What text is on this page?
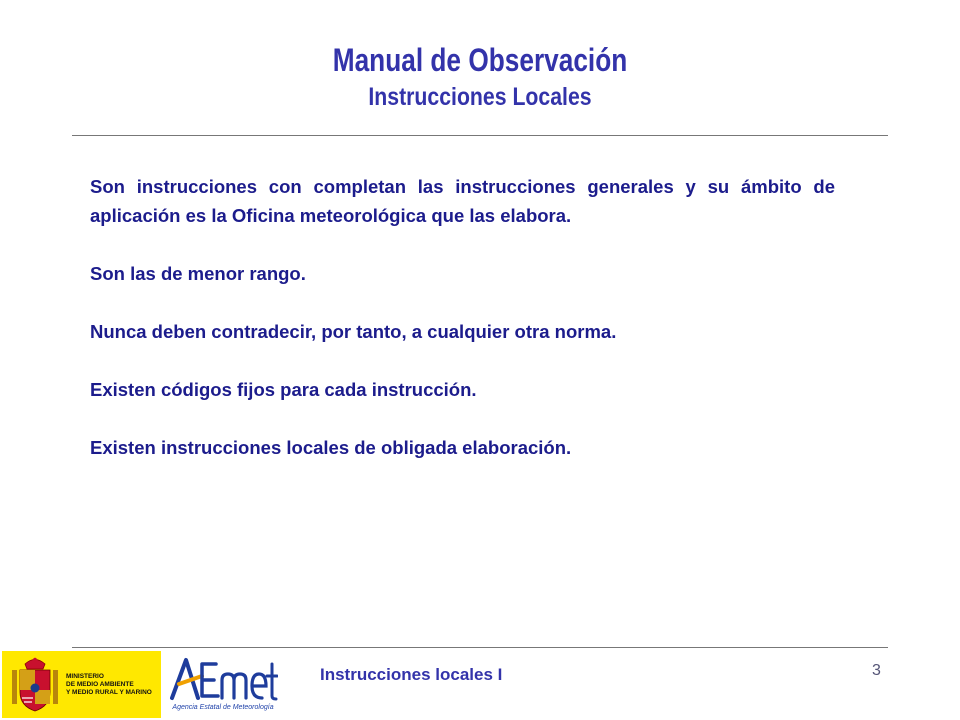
Manual de Observación
Instrucciones Locales

Son instrucciones con completan las instrucciones generales y su ámbito de aplicación es la Oficina meteorológica que las elabora.

Son las de menor rango.

Nunca deben contradecir, por tanto, a cualquier otra norma.

Existen códigos fijos para cada instrucción.

Existen instrucciones locales de obligada elaboración.

MINISTERIO
DE MEDIO AMBIENTE
Y MEDIO RURAL Y MARINO
AEmet
Agencia Estatal de Meteorología
Instrucciones locales I	3
